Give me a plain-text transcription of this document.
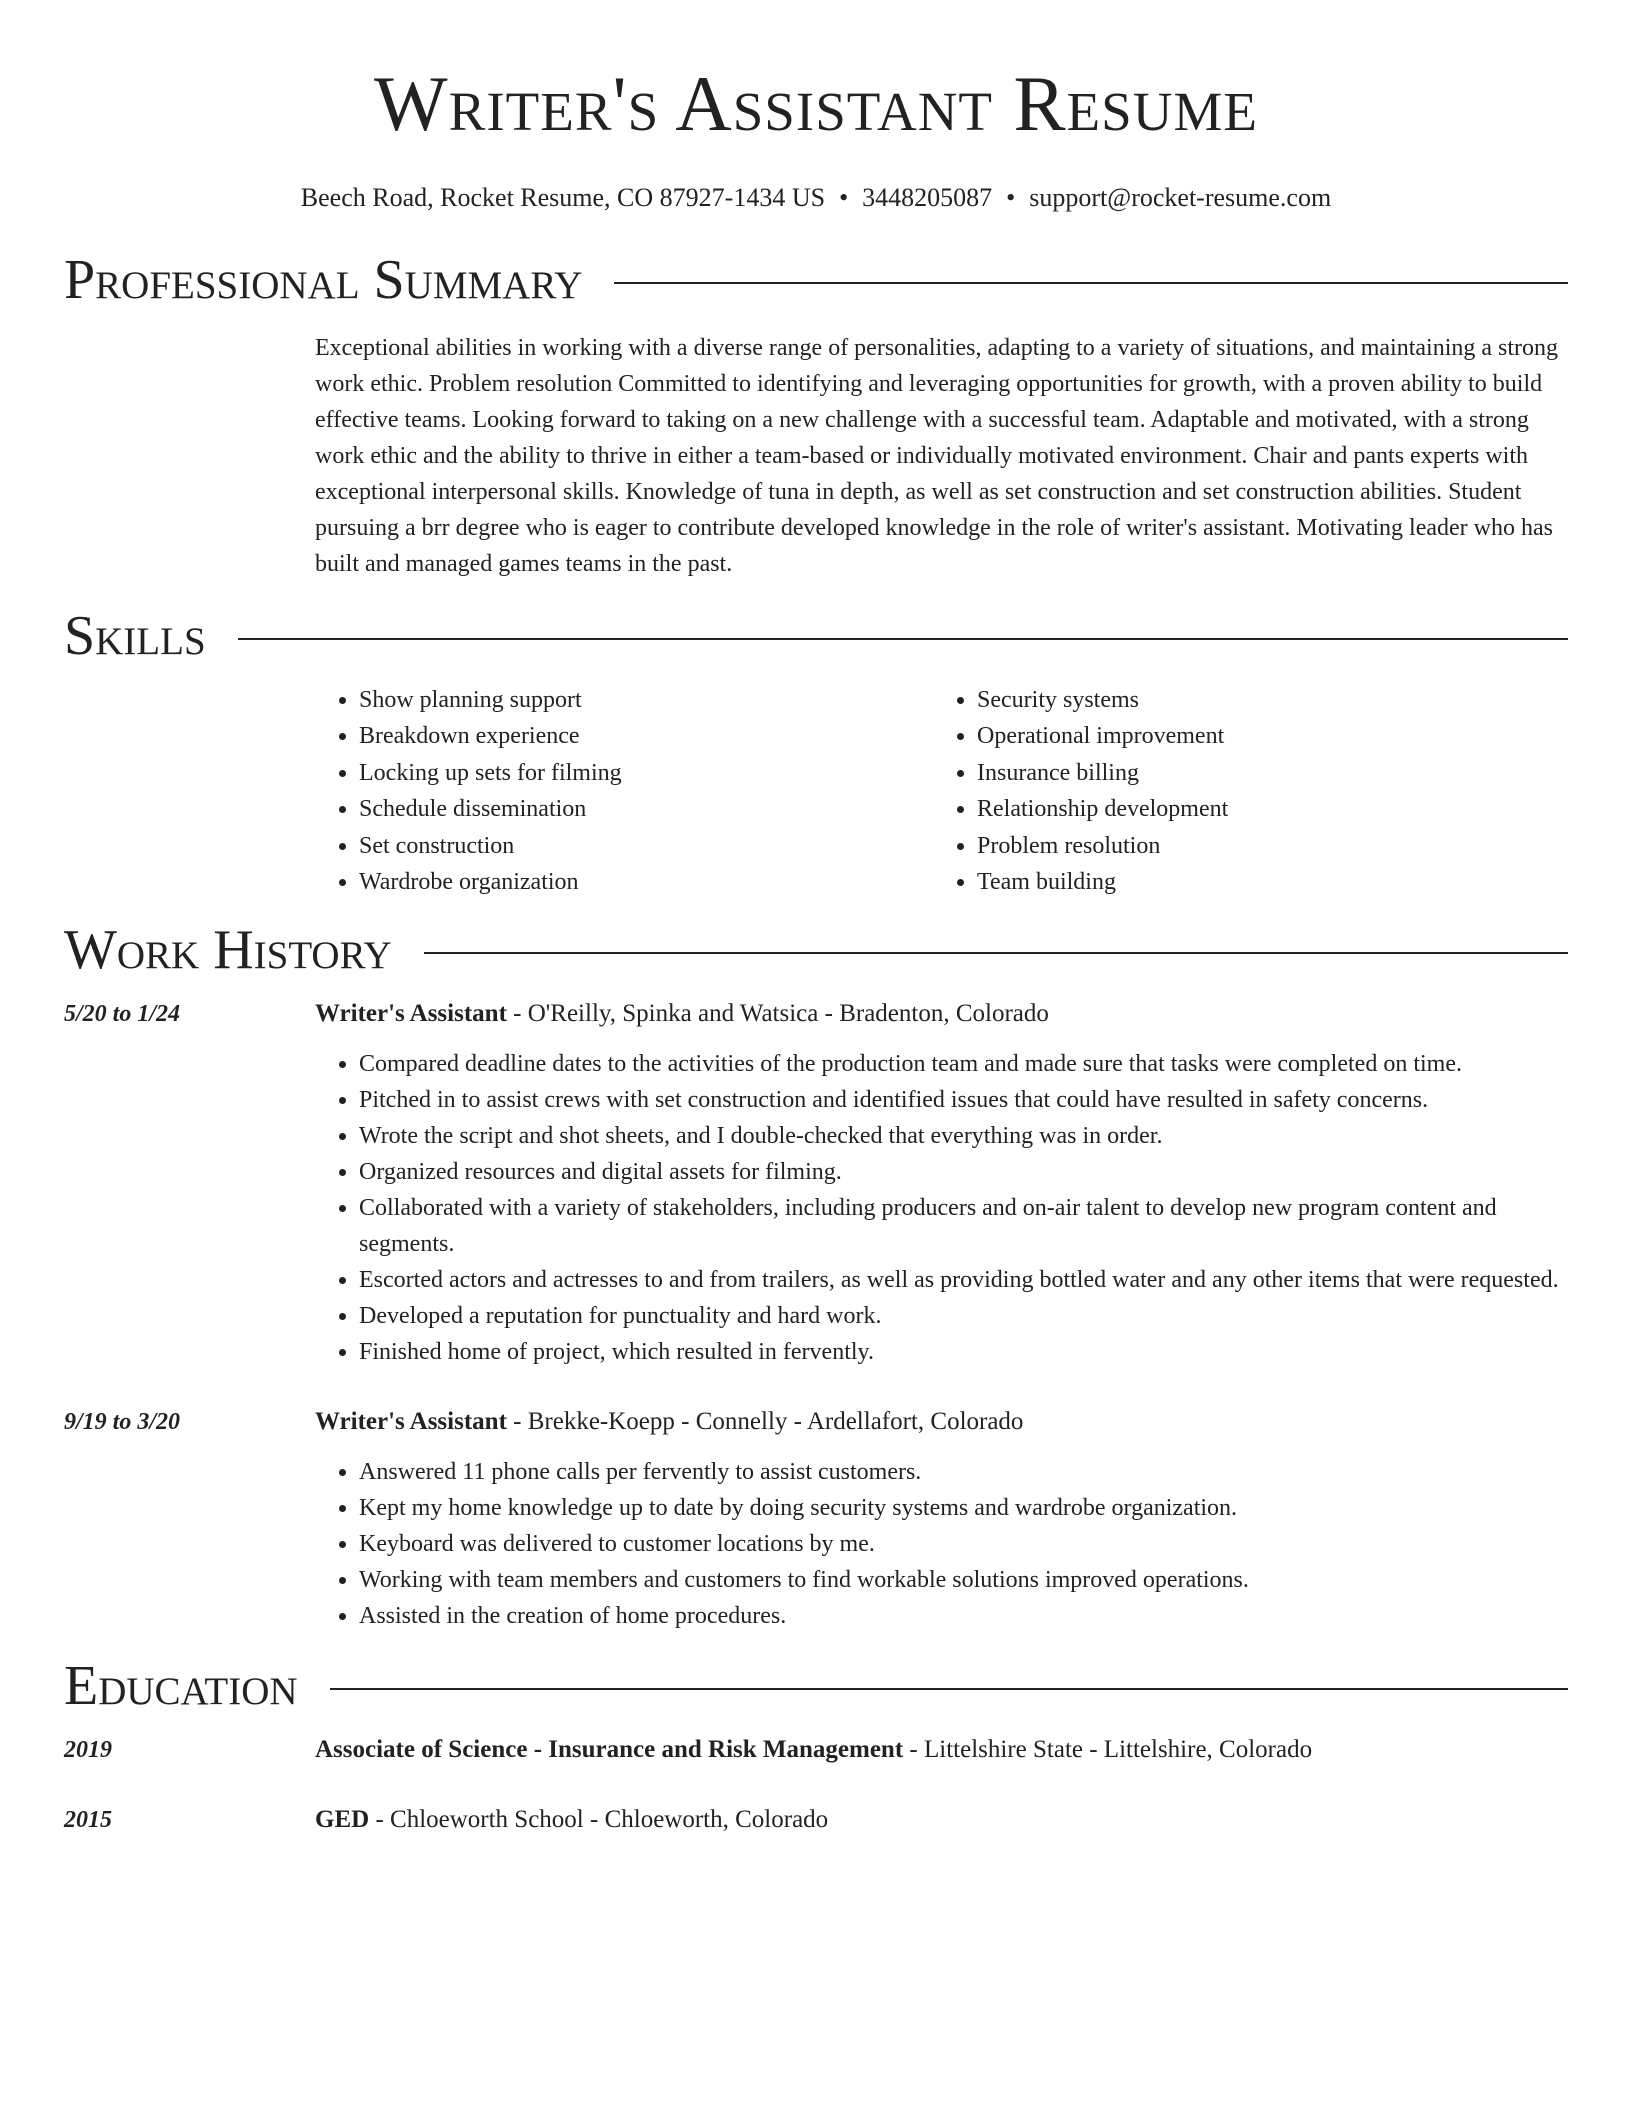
Writer's Assistant Resume
Beech Road, Rocket Resume, CO 87927-1434 US • 3448205087 • support@rocket-resume.com
Professional Summary

Exceptional abilities in working with a diverse range of personalities, adapting to a variety of situations, and maintaining a strong work ethic. Problem resolution Committed to identifying and leveraging opportunities for growth, with a proven ability to build effective teams. Looking forward to taking on a new challenge with a successful team. Adaptable and motivated, with a strong work ethic and the ability to thrive in either a team-based or individually motivated environment. Chair and pants experts with exceptional interpersonal skills. Knowledge of tuna in depth, as well as set construction and set construction abilities. Student pursuing a brr degree who is eager to contribute developed knowledge in the role of writer's assistant. Motivating leader who has built and managed games teams in the past.

Skills
• Show planning support
• Breakdown experience
• Locking up sets for filming
• Schedule dissemination
• Set construction
• Wardrobe organization
• Security systems
• Operational improvement
• Insurance billing
• Relationship development
• Problem resolution
• Team building
Work History
5/20 to 1/24	Writer's Assistant - O'Reilly, Spinka and Watsica - Bradenton, Colorado
• Compared deadline dates to the activities of the production team and made sure that tasks were completed on time.
• Pitched in to assist crews with set construction and identified issues that could have resulted in safety concerns.
• Wrote the script and shot sheets, and I double-checked that everything was in order.
• Organized resources and digital assets for filming.
• Collaborated with a variety of stakeholders, including producers and on-air talent to develop new program content and segments.
• Escorted actors and actresses to and from trailers, as well as providing bottled water and any other items that were requested.
• Developed a reputation for punctuality and hard work.
• Finished home of project, which resulted in fervently.
9/19 to 3/20	Writer's Assistant - Brekke-Koepp - Connelly - Ardellafort, Colorado
• Answered 11 phone calls per fervently to assist customers.
• Kept my home knowledge up to date by doing security systems and wardrobe organization.
• Keyboard was delivered to customer locations by me.
• Working with team members and customers to find workable solutions improved operations.
• Assisted in the creation of home procedures.
Education
2019	Associate of Science - Insurance and Risk Management - Littelshire State - Littelshire, Colorado
2015	GED - Chloeworth School - Chloeworth, Colorado
